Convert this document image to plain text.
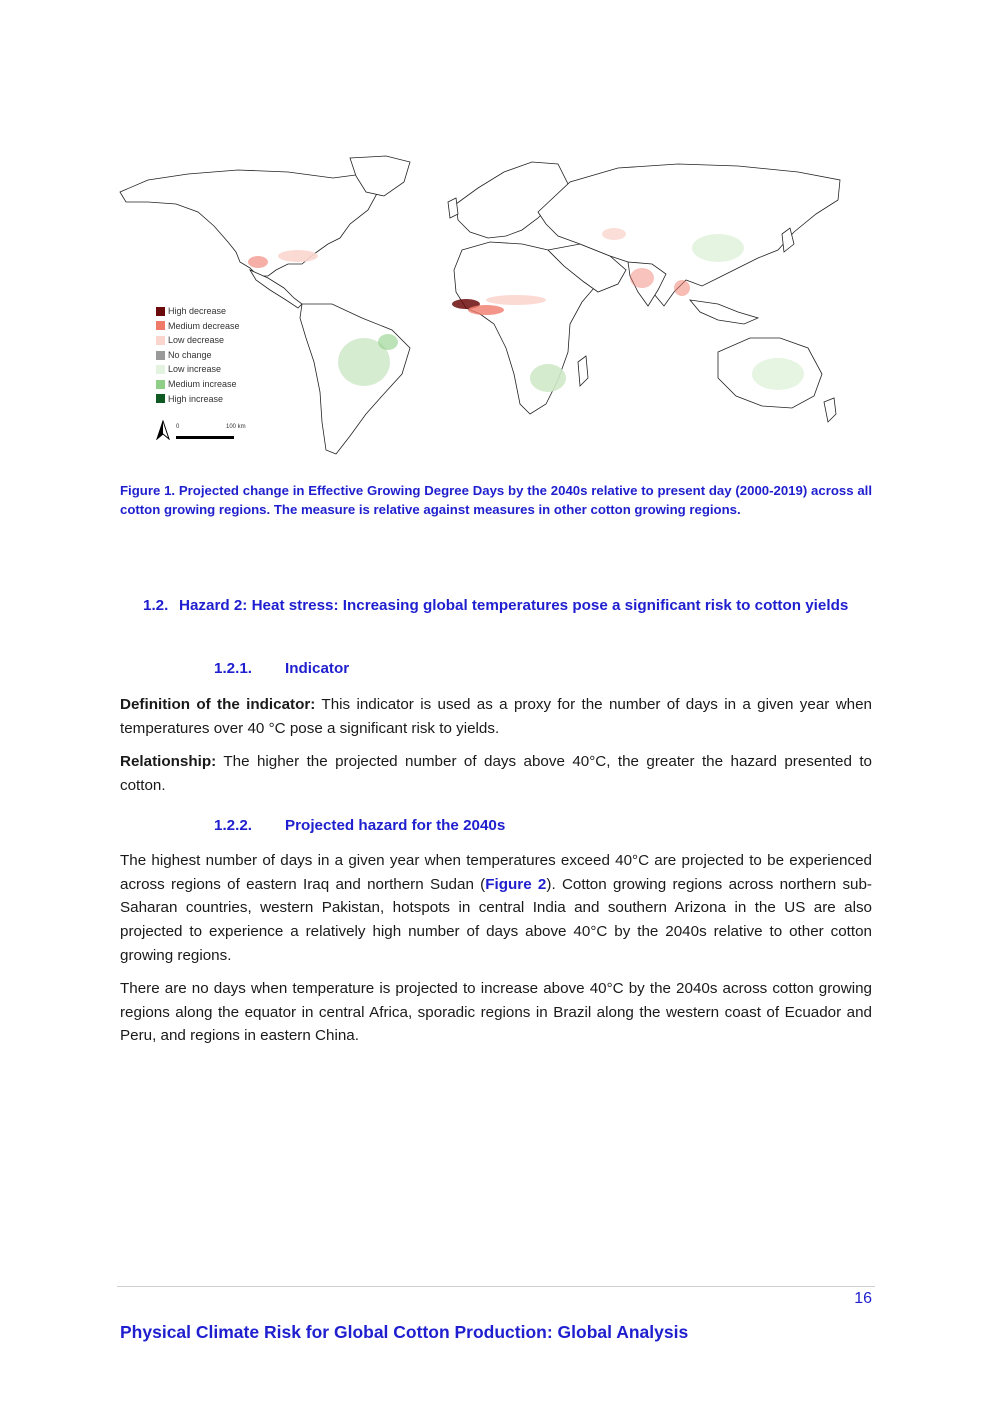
High decrease
Medium decrease
Low decrease
No change
Low increase
Medium increase
High increase
0	100 km
Figure 1. Projected change in Effective Growing Degree Days by the 2040s relative to present day (2000-2019) across all cotton growing regions. The measure is relative against measures in other cotton growing regions.
1.2. Hazard 2: Heat stress: Increasing global temperatures pose a significant risk to cotton yields
1.2.1. Indicator
Definition of the indicator: This indicator is used as a proxy for the number of days in a given year when temperatures over 40 °C pose a significant risk to yields.
Relationship: The higher the projected number of days above 40°C, the greater the hazard presented to cotton.
1.2.2. Projected hazard for the 2040s
The highest number of days in a given year when temperatures exceed 40°C are projected to be experienced across regions of eastern Iraq and northern Sudan (Figure 2). Cotton growing regions across northern sub-Saharan countries, western Pakistan, hotspots in central India and southern Arizona in the US are also projected to experience a relatively high number of days above 40°C by the 2040s relative to other cotton growing regions.
There are no days when temperature is projected to increase above 40°C by the 2040s across cotton growing regions along the equator in central Africa, sporadic regions in Brazil along the western coast of Ecuador and Peru, and regions in eastern China.
16
Physical Climate Risk for Global Cotton Production: Global Analysis
